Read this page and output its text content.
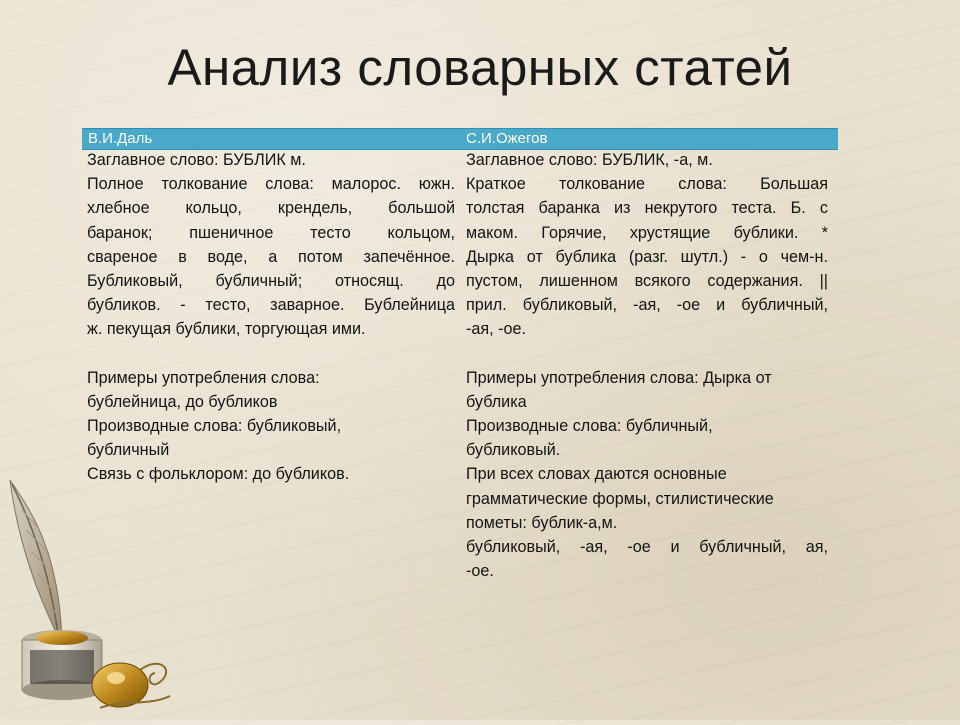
Анализ словарных статей
В.И.Даль	С.И.Ожегов

Заглавное слово: БУБЛИК м.

Полное толкование слова: малорос. южн.

хлебное кольцо, крендель, большой

баранок; пшеничное тесто кольцом,

свареное в воде, а потом запечённое.

Бубликовый, бубличный; относящ. до

бубликов. - тесто, заварное. Бублейница

ж. пекущая бублики, торгующая ими.

Примеры употребления слова:

бублейница, до бубликов

Производные слова: бубликовый,

бубличный

Связь с фольклором: до бубликов.

Заглавное слово: БУБЛИК, -а, м.

Краткое толкование слова: Большая

толстая баранка из некрутого теста. Б. с

маком. Горячие, хрустящие бублики. *

Дырка от бублика (разг. шутл.) - о чем-н.

пустом, лишенном всякого содержания. ||

прил. бубликовый, -ая, -ое и бубличный,

-ая, -ое.

Примеры употребления слова: Дырка от

бублика

Производные слова: бубличный,

бубликовый.

При всех словах даются основные

грамматические формы, стилистические

пометы: бублик-а,м.

бубликовый, -ая, -ое и бубличный, ая,

-ое.
